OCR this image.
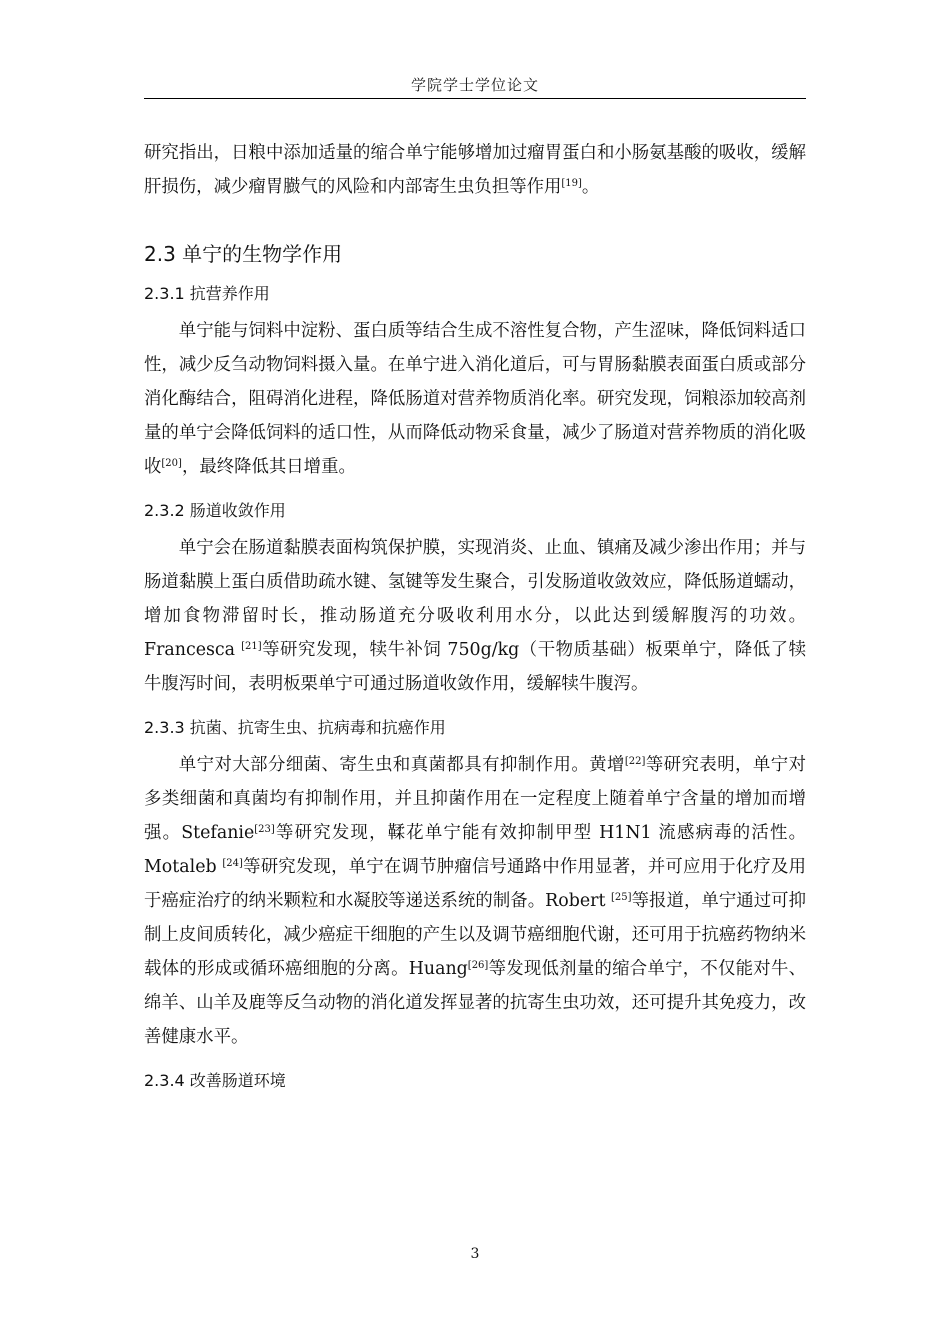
学院学士学位论文

研究指出，日粮中添加适量的缩合单宁能够增加过瘤胃蛋白和小肠氨基酸的吸收，缓解肝损伤，减少瘤胃臌气的风险和内部寄生虫负担等作用[19]。

2.3 单宁的生物学作用
2.3.1 抗营养作用

单宁能与饲料中淀粉、蛋白质等结合生成不溶性复合物，产生涩味，降低饲料适口性，减少反刍动物饲料摄入量。在单宁进入消化道后，可与胃肠黏膜表面蛋白质或部分消化酶结合，阻碍消化进程，降低肠道对营养物质消化率。研究发现，饲粮添加较高剂量的单宁会降低饲料的适口性，从而降低动物采食量，减少了肠道对营养物质的消化吸收[20]，最终降低其日增重。

2.3.2 肠道收敛作用

单宁会在肠道黏膜表面构筑保护膜，实现消炎、止血、镇痛及减少渗出作用；并与肠道黏膜上蛋白质借助疏水键、氢键等发生聚合，引发肠道收敛效应，降低肠道蠕动，增加食物滞留时长，推动肠道充分吸收利用水分，以此达到缓解腹泻的功效。Francesca [21]等研究发现，犊牛补饲 750g/kg（干物质基础）板栗单宁，降低了犊牛腹泻时间，表明板栗单宁可通过肠道收敛作用，缓解犊牛腹泻。

2.3.3 抗菌、抗寄生虫、抗病毒和抗癌作用

单宁对大部分细菌、寄生虫和真菌都具有抑制作用。黄增[22]等研究表明，单宁对多类细菌和真菌均有抑制作用，并且抑菌作用在一定程度上随着单宁含量的增加而增强。Stefanie[23]等研究发现，鞣花单宁能有效抑制甲型 H1N1 流感病毒的活性。Motaleb [24]等研究发现，单宁在调节肿瘤信号通路中作用显著，并可应用于化疗及用于癌症治疗的纳米颗粒和水凝胶等递送系统的制备。Robert [25]等报道，单宁通过可抑制上皮间质转化，减少癌症干细胞的产生以及调节癌细胞代谢，还可用于抗癌药物纳米载体的形成或循环癌细胞的分离。Huang[26]等发现低剂量的缩合单宁，不仅能对牛、绵羊、山羊及鹿等反刍动物的消化道发挥显著的抗寄生虫功效，还可提升其免疫力，改善健康水平。

2.3.4 改善肠道环境
3
